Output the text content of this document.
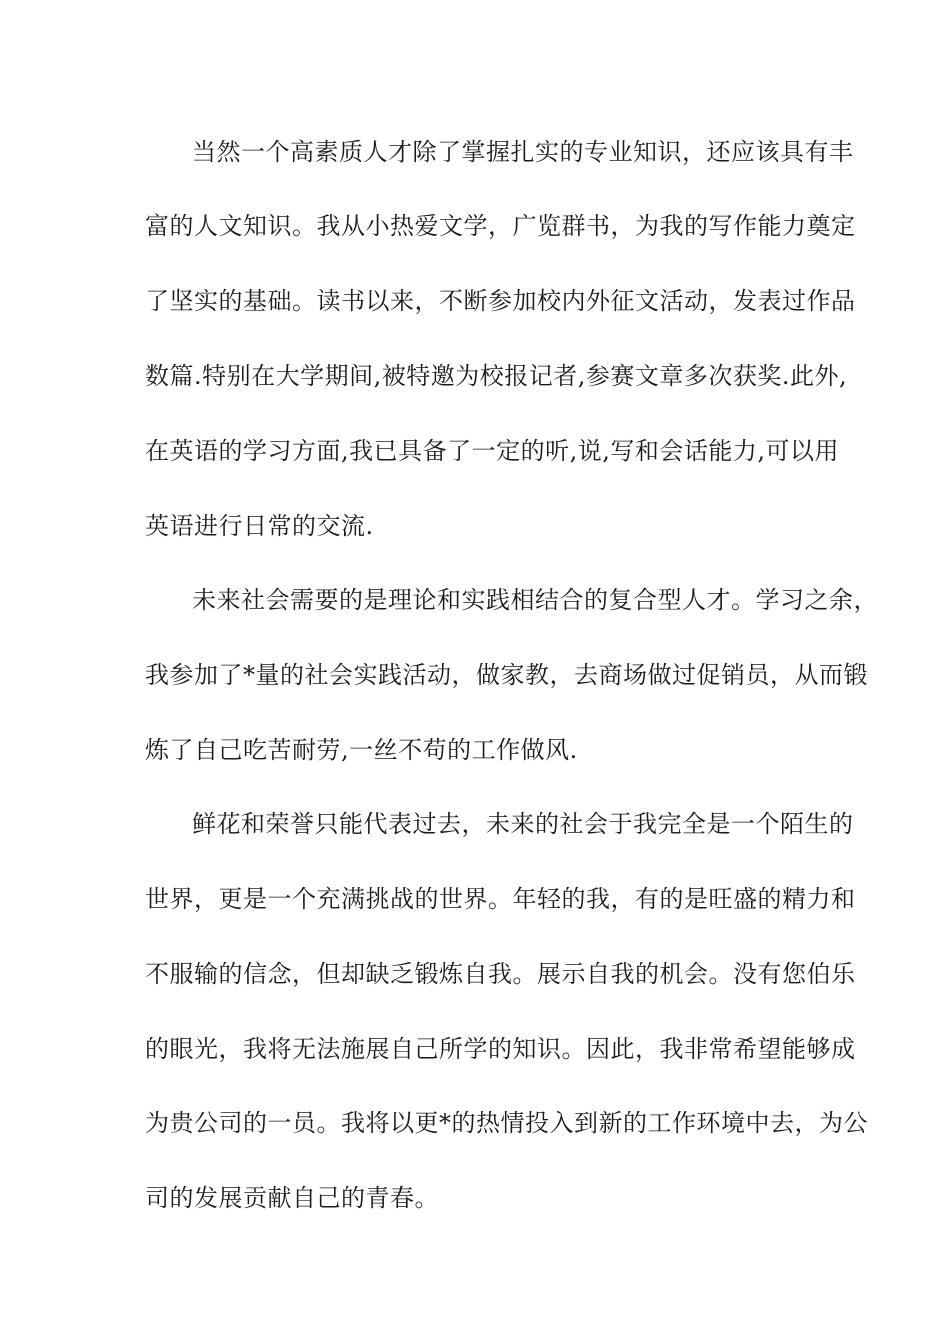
当然一个高素质人才除了掌握扎实的专业知识，还应该具有丰
富的人文知识。我从小热爱文学，广览群书，为我的写作能力奠定
了坚实的基础。读书以来，不断参加校内外征文活动，发表过作品
数篇.特别在大学期间,被特邀为校报记者,参赛文章多次获奖.此外,
在英语的学习方面,我已具备了一定的听,说,写和会话能力,可以用
英语进行日常的交流.
未来社会需要的是理论和实践相结合的复合型人才。学习之余，
我参加了*量的社会实践活动，做家教，去商场做过促销员，从而锻
炼了自己吃苦耐劳,一丝不苟的工作做风.
鲜花和荣誉只能代表过去，未来的社会于我完全是一个陌生的
世界，更是一个充满挑战的世界。年轻的我，有的是旺盛的精力和
不服输的信念，但却缺乏锻炼自我。展示自我的机会。没有您伯乐
的眼光，我将无法施展自己所学的知识。因此，我非常希望能够成
为贵公司的一员。我将以更*的热情投入到新的工作环境中去，为公
司的发展贡献自己的青春。
